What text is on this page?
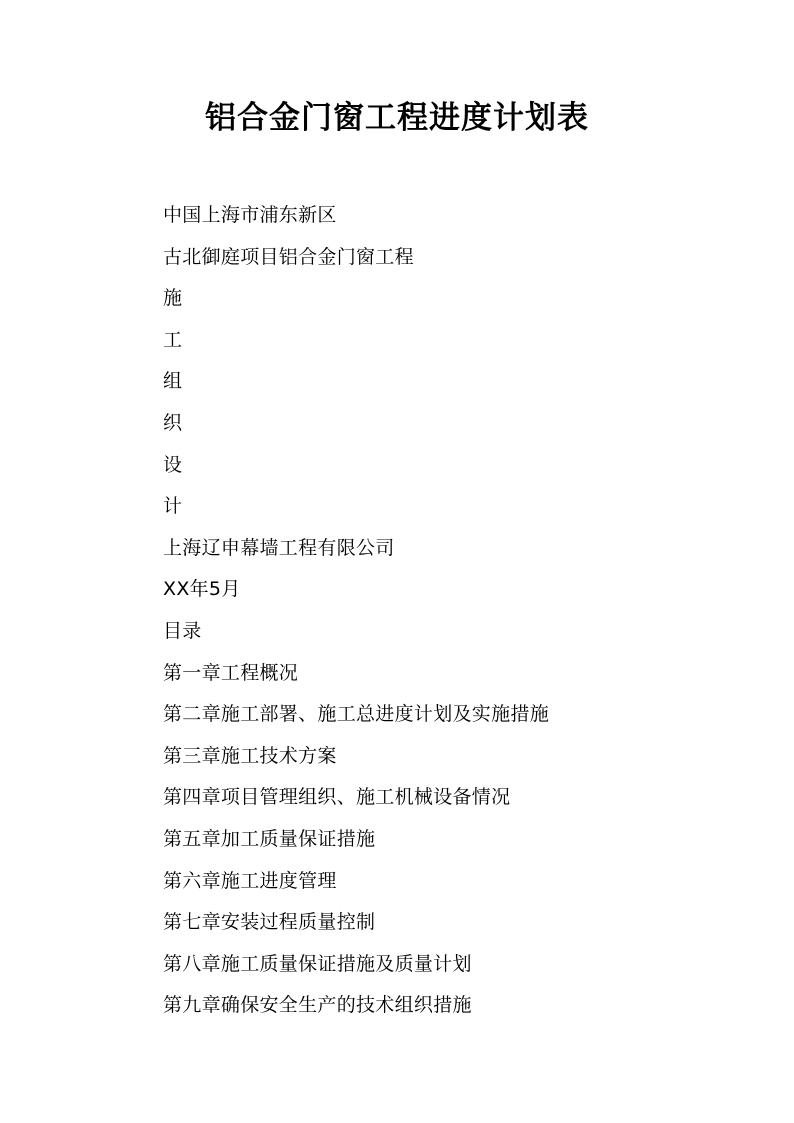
铝合金门窗工程进度计划表
中国上海市浦东新区
古北御庭项目铝合金门窗工程
施
工
组
织
设
计
上海辽申幕墙工程有限公司
XX年5月
目录
第一章工程概况
第二章施工部署、施工总进度计划及实施措施
第三章施工技术方案
第四章项目管理组织、施工机械设备情况
第五章加工质量保证措施
第六章施工进度管理
第七章安装过程质量控制
第八章施工质量保证措施及质量计划
第九章确保安全生产的技术组织措施
